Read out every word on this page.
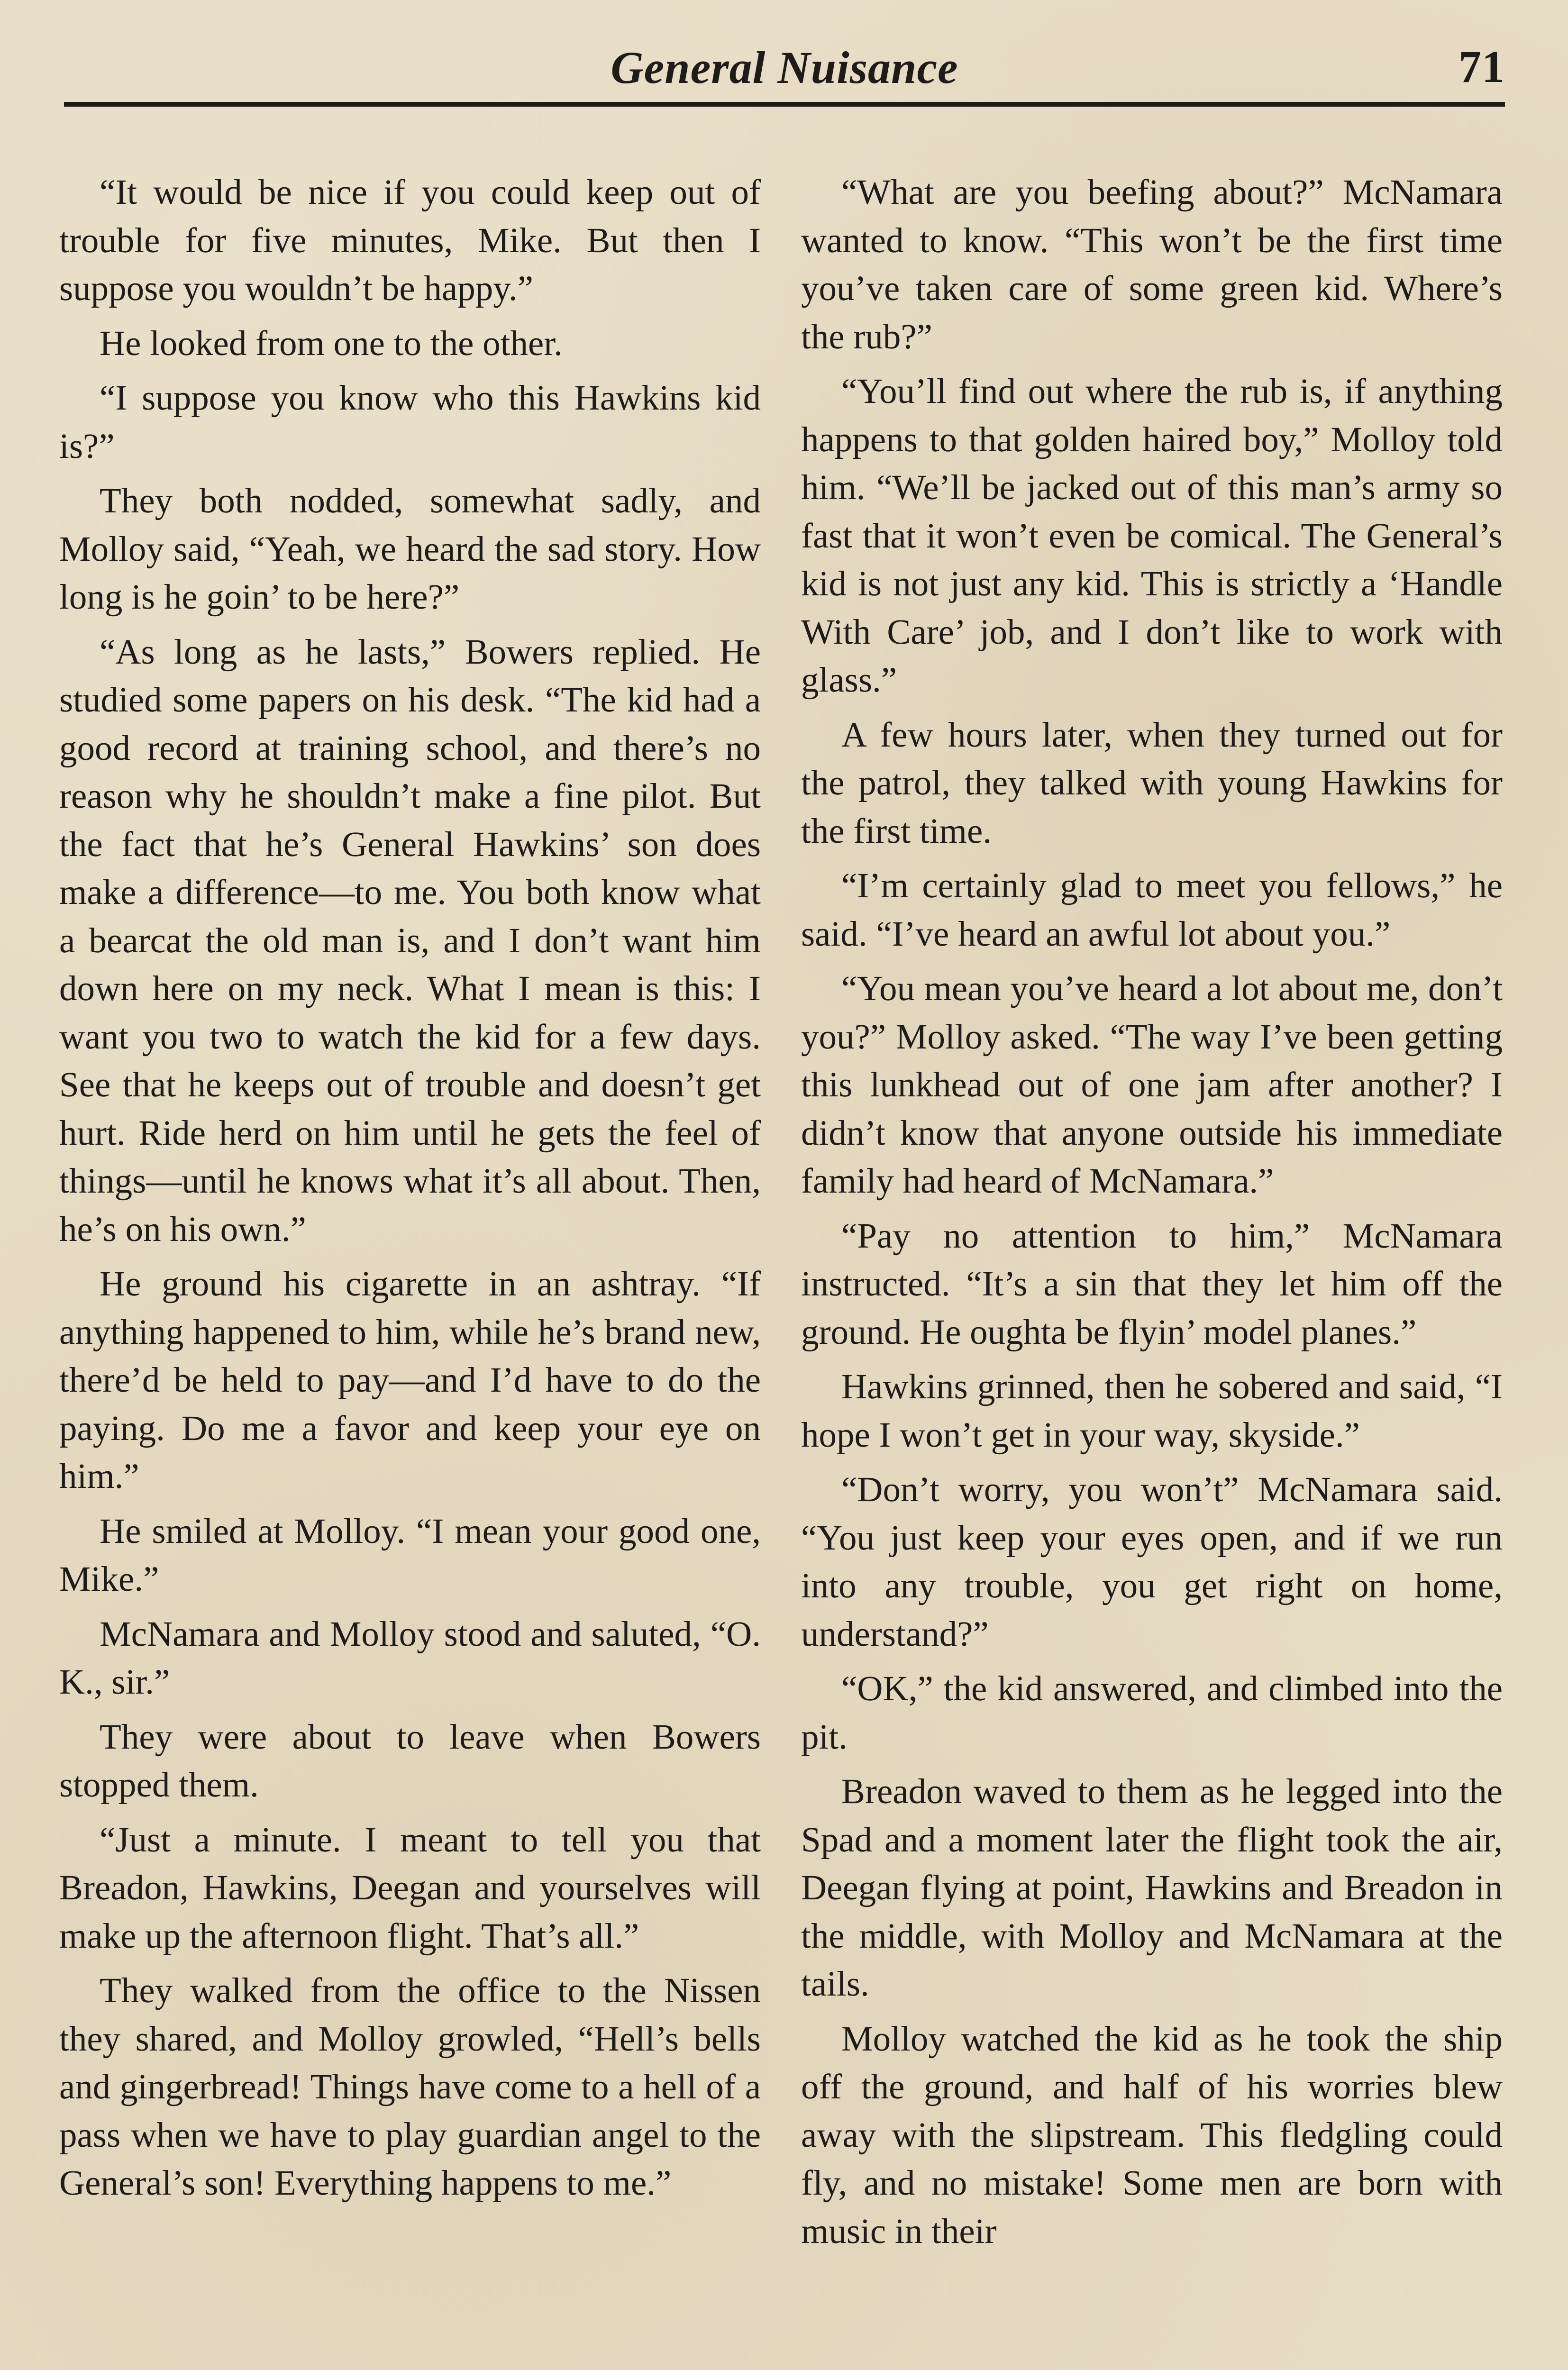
General Nuisance	71

“It would be nice if you could keep out of trouble for five minutes, Mike. But then I suppose you wouldn’t be happy.”

He looked from one to the other.

“I suppose you know who this Hawkins kid is?”

They both nodded, somewhat sadly, and Molloy said, “Yeah, we heard the sad story. How long is he goin’ to be here?”

“As long as he lasts,” Bowers replied. He studied some papers on his desk. “The kid had a good record at training school, and there’s no reason why he shouldn’t make a fine pilot. But the fact that he’s General Hawkins’ son does make a difference—to me. You both know what a bearcat the old man is, and I don’t want him down here on my neck. What I mean is this: I want you two to watch the kid for a few days. See that he keeps out of trouble and doesn’t get hurt. Ride herd on him until he gets the feel of things—until he knows what it’s all about. Then, he’s on his own.”

He ground his cigarette in an ashtray. “If anything happened to him, while he’s brand new, there’d be held to pay—and I’d have to do the paying. Do me a favor and keep your eye on him.”

He smiled at Molloy. “I mean your good one, Mike.”

McNamara and Molloy stood and saluted, “O. K., sir.”

They were about to leave when Bowers stopped them.

“Just a minute. I meant to tell you that Breadon, Hawkins, Deegan and yourselves will make up the afternoon flight. That’s all.”

They walked from the office to the Nissen they shared, and Molloy growled, “Hell’s bells and gingerbread! Things have come to a hell of a pass when we have to play guardian angel to the General’s son! Everything happens to me.”

“What are you beefing about?” McNamara wanted to know. “This won’t be the first time you’ve taken care of some green kid. Where’s the rub?”

“You’ll find out where the rub is, if anything happens to that golden haired boy,” Molloy told him. “We’ll be jacked out of this man’s army so fast that it won’t even be comical. The General’s kid is not just any kid. This is strictly a ‘Handle With Care’ job, and I don’t like to work with glass.”

A few hours later, when they turned out for the patrol, they talked with young Hawkins for the first time.

“I’m certainly glad to meet you fellows,” he said. “I’ve heard an awful lot about you.”

“You mean you’ve heard a lot about me, don’t you?” Molloy asked. “The way I’ve been getting this lunkhead out of one jam after another? I didn’t know that anyone outside his immediate family had heard of McNamara.”

“Pay no attention to him,” McNamara instructed. “It’s a sin that they let him off the ground. He oughta be flyin’ model planes.”

Hawkins grinned, then he sobered and said, “I hope I won’t get in your way, skyside.”

“Don’t worry, you won’t” McNamara said. “You just keep your eyes open, and if we run into any trouble, you get right on home, understand?”

“OK,” the kid answered, and climbed into the pit.

Breadon waved to them as he legged into the Spad and a moment later the flight took the air, Deegan flying at point, Hawkins and Breadon in the middle, with Molloy and McNamara at the tails.

Molloy watched the kid as he took the ship off the ground, and half of his worries blew away with the slipstream. This fledgling could fly, and no mistake! Some men are born with music in their
